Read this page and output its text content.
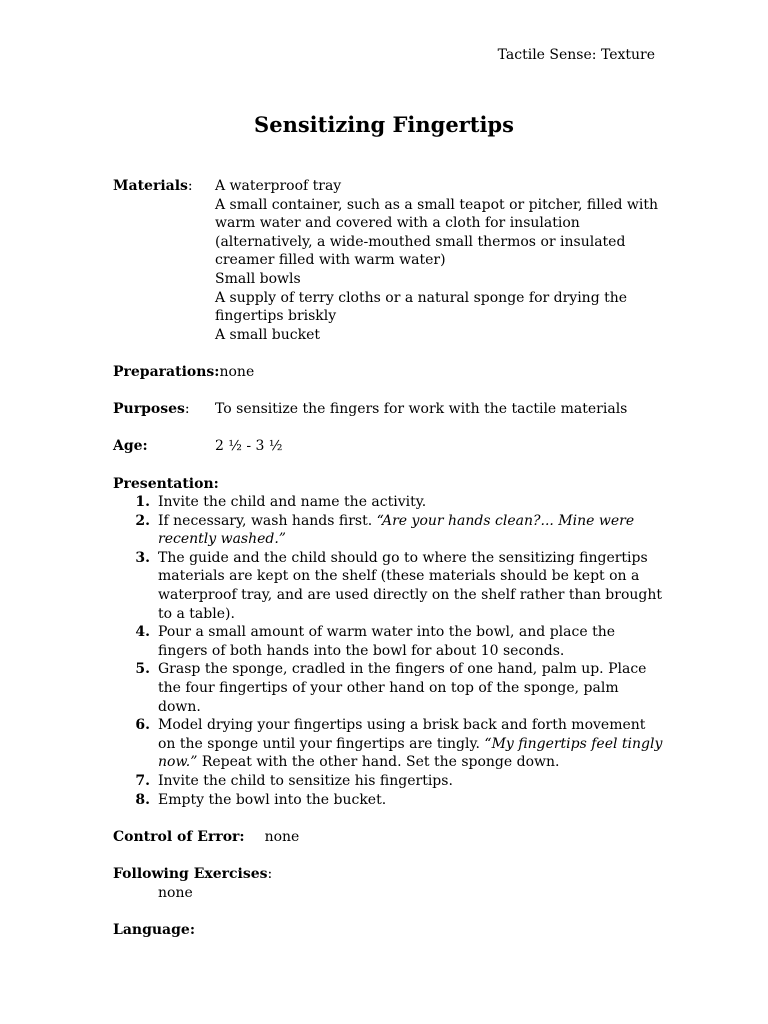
Tactile Sense: Texture
Sensitizing Fingertips
Materials:	A waterproof tray
A small container, such as a small teapot or pitcher, filled with warm water and covered with a cloth for insulation (alternatively, a wide-mouthed small thermos or insulated creamer filled with warm water)
Small bowls
A supply of terry cloths or a natural sponge for drying the fingertips briskly
A small bucket
Preparations: none
Purposes:	To sensitize the fingers for work with the tactile materials
Age:	2 ½ - 3 ½
Presentation:
1. Invite the child and name the activity.
2. If necessary, wash hands first. “Are your hands clean?... Mine were recently washed.”
3. The guide and the child should go to where the sensitizing fingertips materials are kept on the shelf (these materials should be kept on a waterproof tray, and are used directly on the shelf rather than brought to a table).
4. Pour a small amount of warm water into the bowl, and place the fingers of both hands into the bowl for about 10 seconds.
5. Grasp the sponge, cradled in the fingers of one hand, palm up. Place the four fingertips of your other hand on top of the sponge, palm down.
6. Model drying your fingertips using a brisk back and forth movement on the sponge until your fingertips are tingly. “My fingertips feel tingly now.” Repeat with the other hand. Set the sponge down.
7. Invite the child to sensitize his fingertips.
8. Empty the bowl into the bucket.
Control of Error: none
Following Exercises:
none
Language:
